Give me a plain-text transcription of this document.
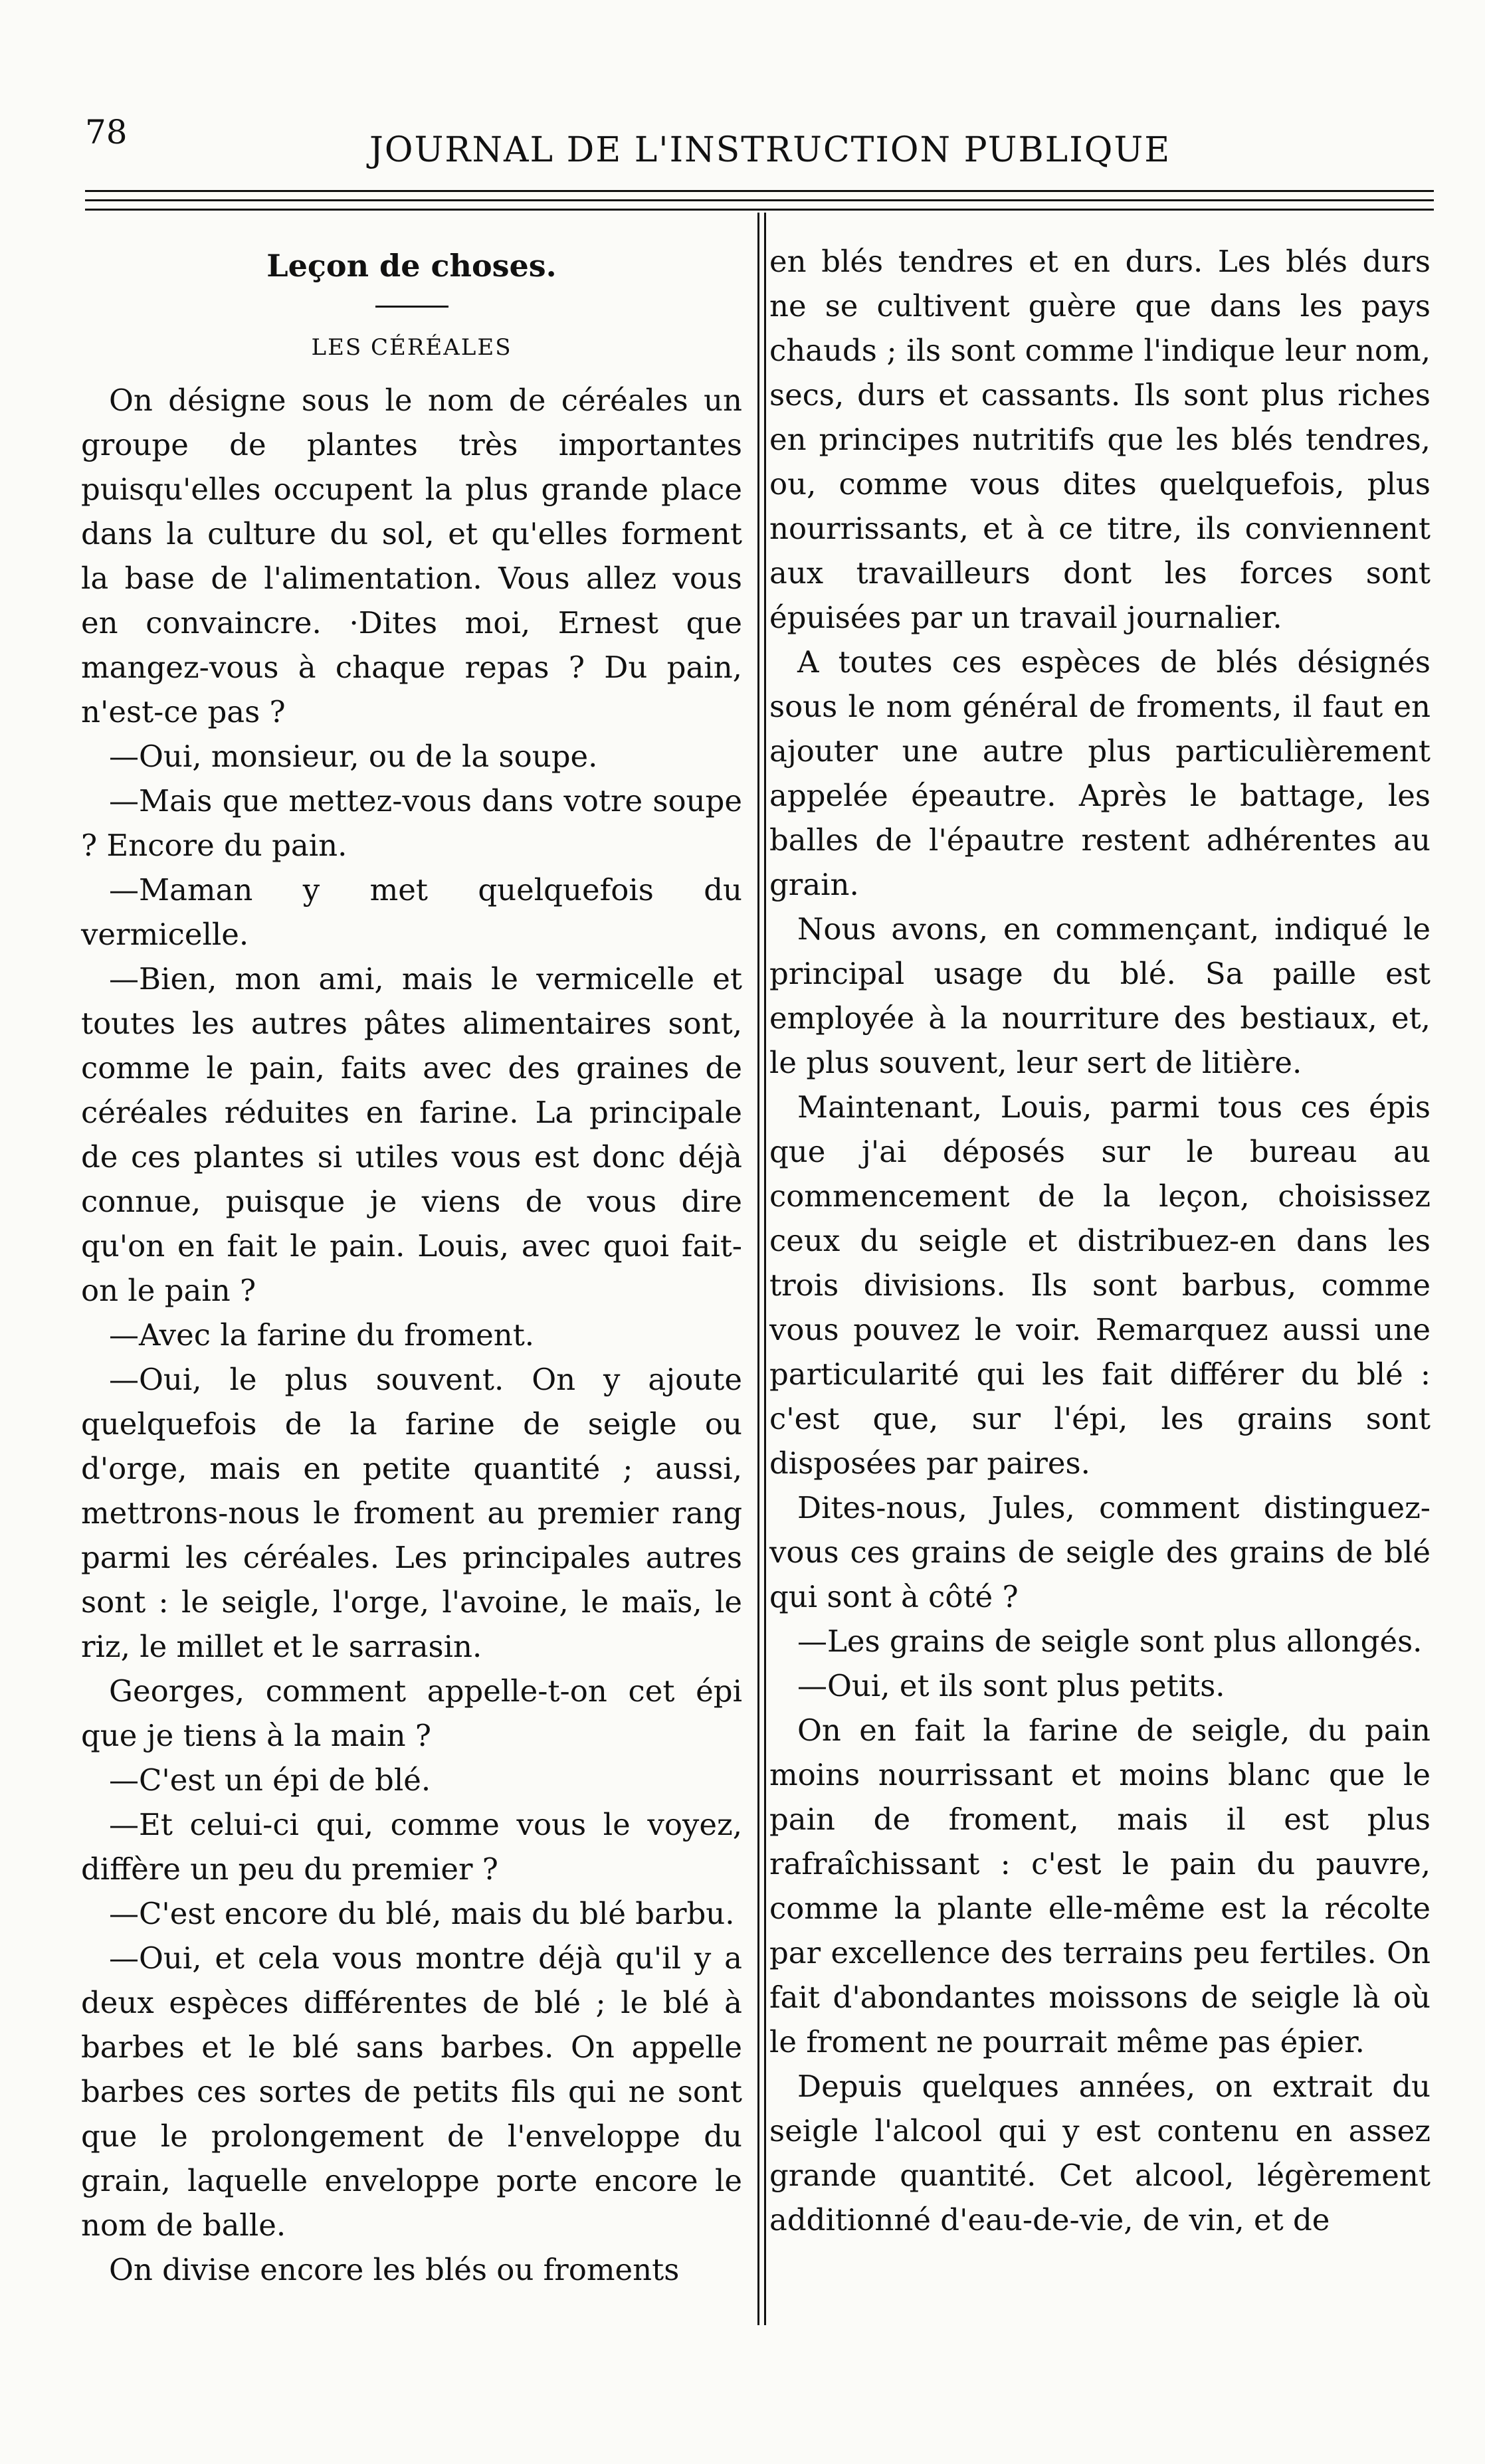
78	JOURNAL DE L'INSTRUCTION PUBLIQUE
Leçon de choses.
LES CÉRÉALES

On désigne sous le nom de céréales un groupe de plantes très importantes puisqu'elles occupent la plus grande place dans la culture du sol, et qu'elles forment la base de l'alimentation. Vous allez vous en convaincre. ·Dites moi, Ernest que mangez-vous à chaque repas ? Du pain, n'est-ce pas ?

—Oui, monsieur, ou de la soupe.

—Mais que mettez-vous dans votre soupe ? Encore du pain.

—Maman y met quelquefois du vermicelle.

—Bien, mon ami, mais le vermicelle et toutes les autres pâtes alimentaires sont, comme le pain, faits avec des graines de céréales réduites en farine. La principale de ces plantes si utiles vous est donc déjà connue, puisque je viens de vous dire qu'on en fait le pain. Louis, avec quoi fait-on le pain ?

—Avec la farine du froment.

—Oui, le plus souvent. On y ajoute quelquefois de la farine de seigle ou d'orge, mais en petite quantité ; aussi, mettrons-nous le froment au premier rang parmi les céréales. Les principales autres sont : le seigle, l'orge, l'avoine, le maïs, le riz, le millet et le sarrasin.

Georges, comment appelle-t-on cet épi que je tiens à la main ?

—C'est un épi de blé.

—Et celui-ci qui, comme vous le voyez, diffère un peu du premier ?

—C'est encore du blé, mais du blé barbu.

—Oui, et cela vous montre déjà qu'il y a deux espèces différentes de blé ; le blé à barbes et le blé sans barbes. On appelle barbes ces sortes de petits fils qui ne sont que le prolongement de l'enveloppe du grain, laquelle enveloppe porte encore le nom de balle.

On divise encore les blés ou froments

en blés tendres et en durs. Les blés durs ne se cultivent guère que dans les pays chauds ; ils sont comme l'indique leur nom, secs, durs et cassants. Ils sont plus riches en principes nutritifs que les blés tendres, ou, comme vous dites quelquefois, plus nourrissants, et à ce titre, ils conviennent aux travailleurs dont les forces sont épuisées par un travail journalier.

A toutes ces espèces de blés désignés sous le nom général de froments, il faut en ajouter une autre plus particulièrement appelée épeautre. Après le battage, les balles de l'épautre restent adhérentes au grain.

Nous avons, en commençant, indiqué le principal usage du blé. Sa paille est employée à la nourriture des bestiaux, et, le plus souvent, leur sert de litière.

Maintenant, Louis, parmi tous ces épis que j'ai déposés sur le bureau au commencement de la leçon, choisissez ceux du seigle et distribuez-en dans les trois divisions. Ils sont barbus, comme vous pouvez le voir. Remarquez aussi une particularité qui les fait différer du blé : c'est que, sur l'épi, les grains sont disposées par paires.

Dites-nous, Jules, comment distinguez-vous ces grains de seigle des grains de blé qui sont à côté ?

—Les grains de seigle sont plus allongés.

—Oui, et ils sont plus petits.

On en fait la farine de seigle, du pain moins nourrissant et moins blanc que le pain de froment, mais il est plus rafraîchissant : c'est le pain du pauvre, comme la plante elle-même est la récolte par excellence des terrains peu fertiles. On fait d'abondantes moissons de seigle là où le froment ne pourrait même pas épier.

Depuis quelques années, on extrait du seigle l'alcool qui y est contenu en assez grande quantité. Cet alcool, légèrement additionné d'eau-de-vie, de vin, et de
